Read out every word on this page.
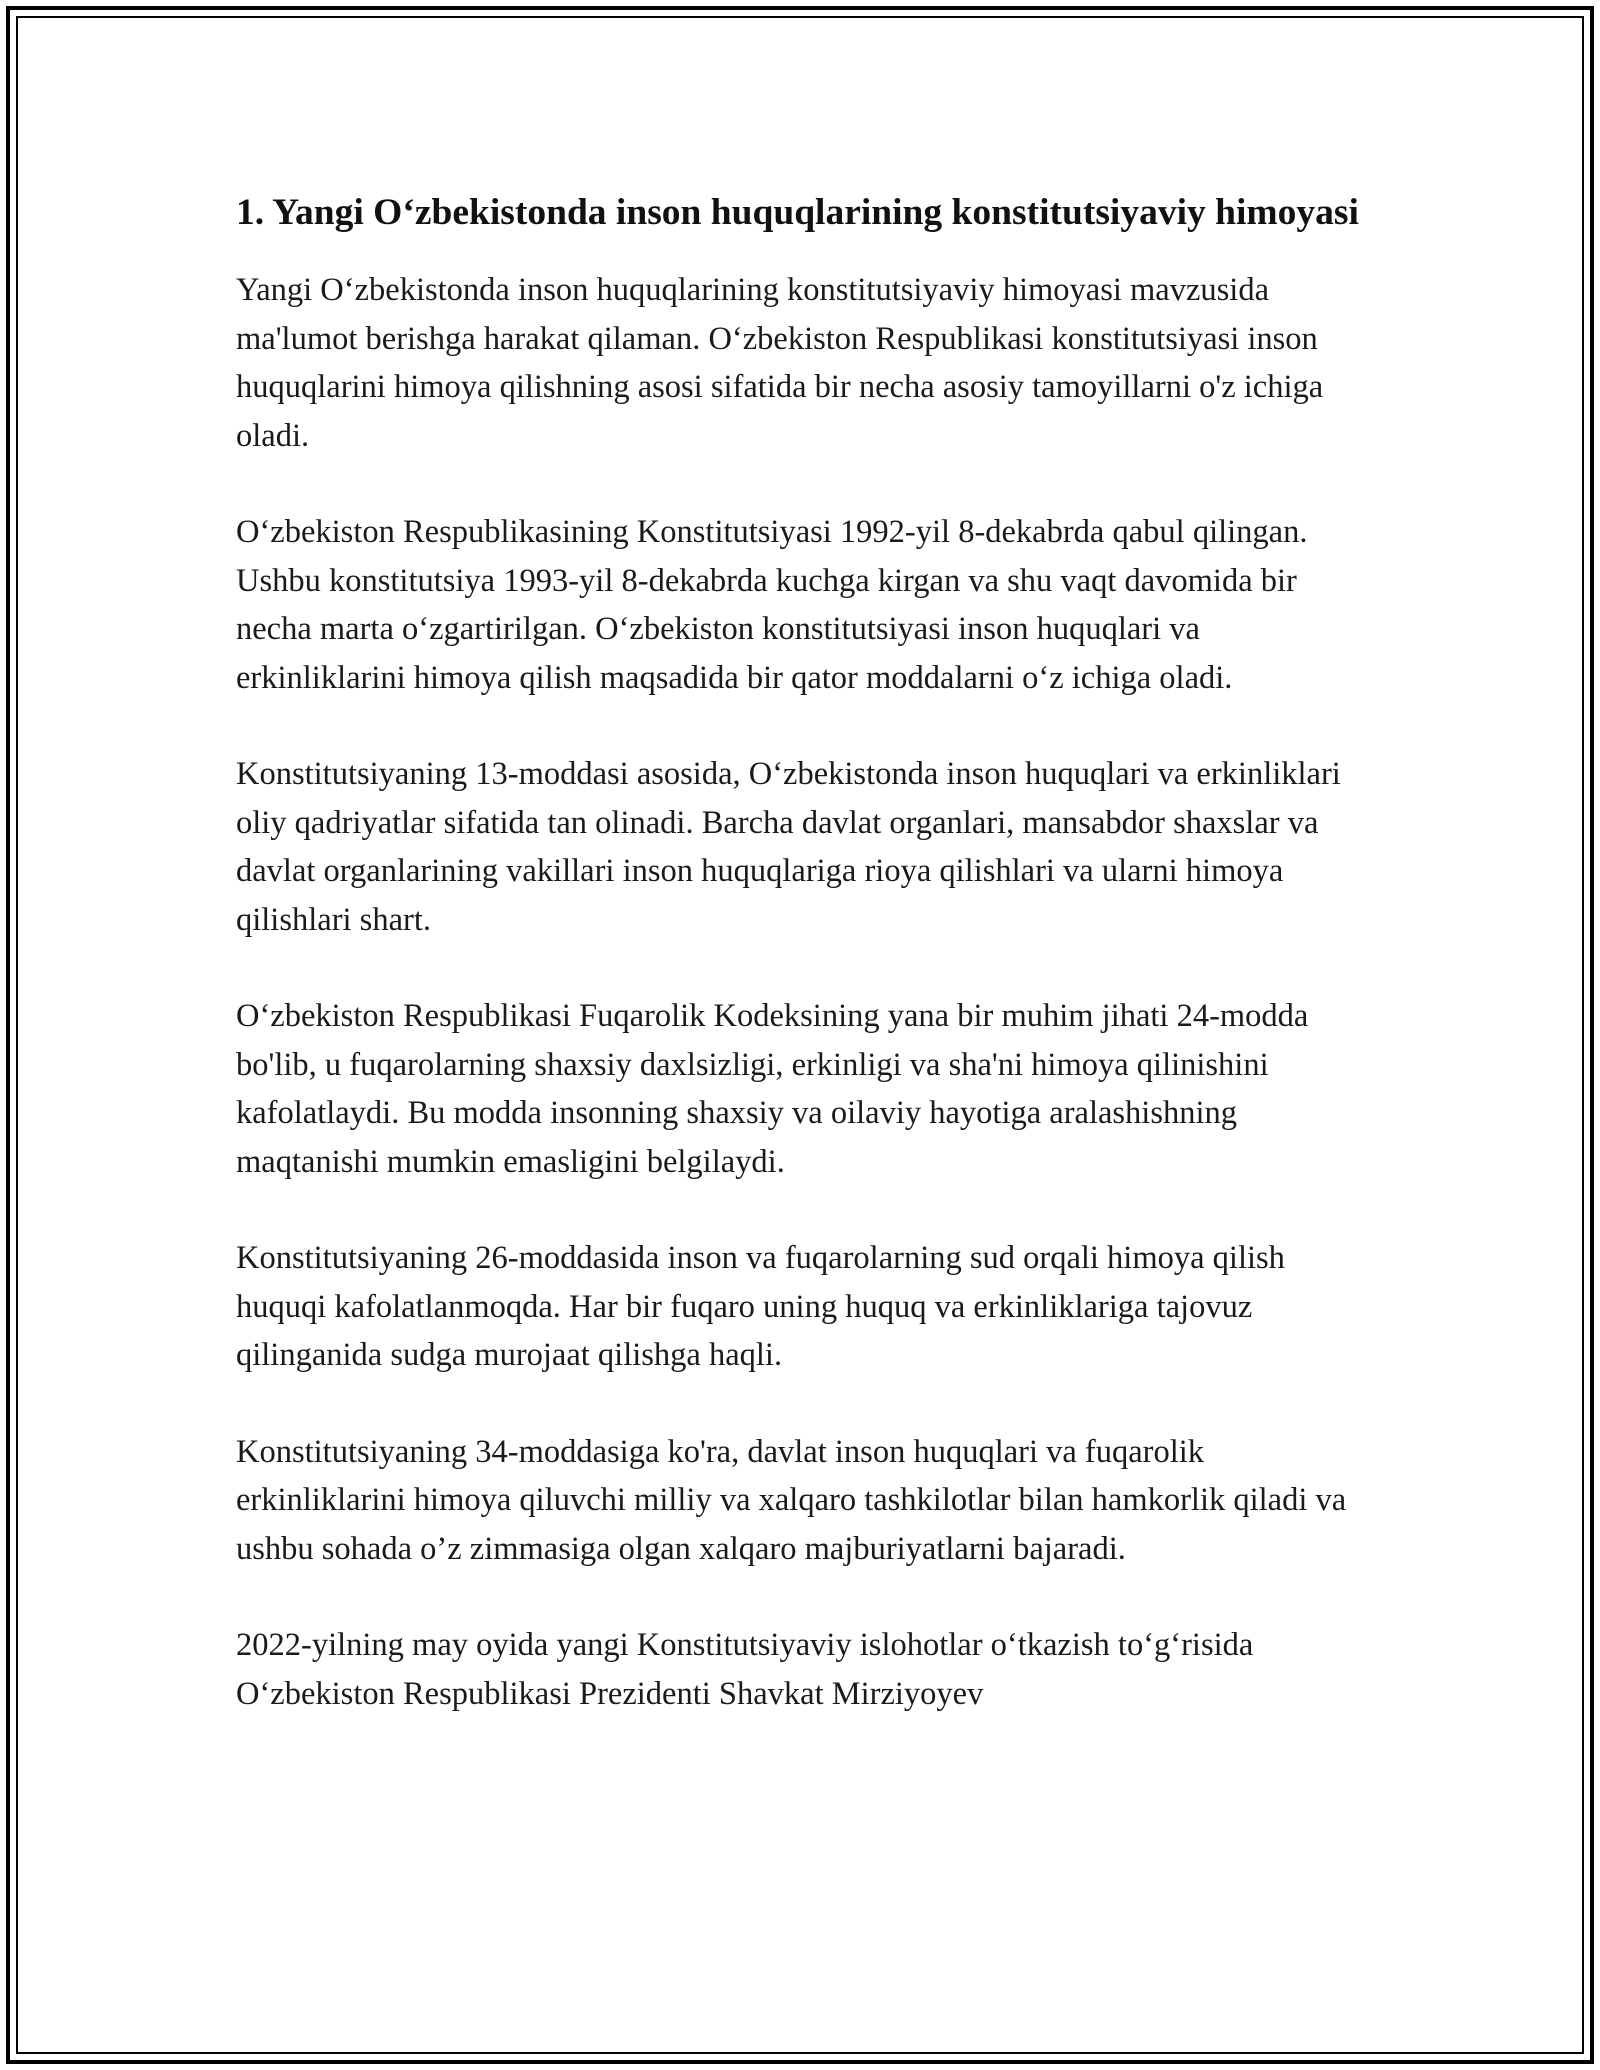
1. Yangi O‘zbekistonda inson huquqlarining konstitutsiyaviy himoyasi

Yangi O‘zbekistonda inson huquqlarining konstitutsiyaviy himoyasi mavzusida ma'lumot berishga harakat qilaman. O‘zbekiston Respublikasi konstitutsiyasi inson huquqlarini himoya qilishning asosi sifatida bir necha asosiy tamoyillarni o'z ichiga oladi.

O‘zbekiston Respublikasining Konstitutsiyasi 1992-yil 8-dekabrda qabul qilingan. Ushbu konstitutsiya 1993-yil 8-dekabrda kuchga kirgan va shu vaqt davomida bir necha marta o‘zgartirilgan. O‘zbekiston konstitutsiyasi inson huquqlari va erkinliklarini himoya qilish maqsadida bir qator moddalarni o‘z ichiga oladi.

Konstitutsiyaning 13-moddasi asosida, O‘zbekistonda inson huquqlari va erkinliklari oliy qadriyatlar sifatida tan olinadi. Barcha davlat organlari, mansabdor shaxslar va davlat organlarining vakillari inson huquqlariga rioya qilishlari va ularni himoya qilishlari shart.

O‘zbekiston Respublikasi Fuqarolik Kodeksining yana bir muhim jihati 24-modda bo'lib, u fuqarolarning shaxsiy daxlsizligi, erkinligi va sha'ni himoya qilinishini kafolatlaydi. Bu modda insonning shaxsiy va oilaviy hayotiga aralashishning maqtanishi mumkin emasligini belgilaydi.

Konstitutsiyaning 26-moddasida inson va fuqarolarning sud orqali himoya qilish huquqi kafolatlanmoqda. Har bir fuqaro uning huquq va erkinliklariga tajovuz qilinganida sudga murojaat qilishga haqli.

Konstitutsiyaning 34-moddasiga ko'ra, davlat inson huquqlari va fuqarolik erkinliklarini himoya qiluvchi milliy va xalqaro tashkilotlar bilan hamkorlik qiladi va ushbu sohada o’z zimmasiga olgan xalqaro majburiyatlarni bajaradi.

2022-yilning may oyida yangi Konstitutsiyaviy islohotlar o‘tkazish to‘g‘risida O‘zbekiston Respublikasi Prezidenti Shavkat Mirziyoyev
